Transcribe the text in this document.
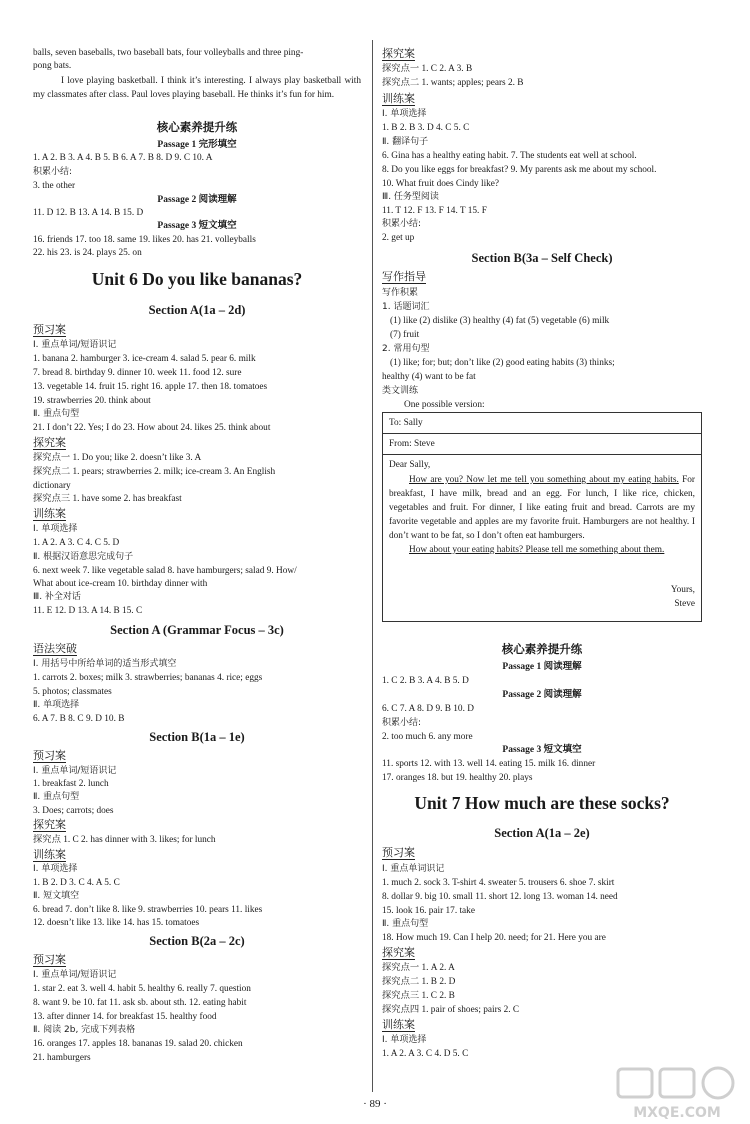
balls, seven baseballs, two baseball bats, four volleyballs and three ping-
pong bats.
I love playing basketball. I think it’s interesting. I always play basketball with my classmates after class. Paul loves playing baseball. He thinks it’s fun for him.
核心素养提升练
Passage 1 完形填空
1. A 2. B 3. A 4. B 5. B 6. A 7. B 8. D 9. C 10. A
积累小结:
3. the other
Passage 2 阅读理解
11. D 12. B 13. A 14. B 15. D
Passage 3 短文填空
16. friends 17. too 18. same 19. likes 20. has 21. volleyballs
22. his 23. is 24. plays 25. on
Unit 6 Do you like bananas?
Section A(1a – 2d)
预习案
Ⅰ. 重点单词/短语识记
1. banana 2. hamburger 3. ice-cream 4. salad 5. pear 6. milk
7. bread 8. birthday 9. dinner 10. week 11. food 12. sure
13. vegetable 14. fruit 15. right 16. apple 17. then 18. tomatoes
19. strawberries 20. think about
Ⅱ. 重点句型
21. I don’t 22. Yes; I do 23. How about 24. likes 25. think about
探究案
探究点一 1. Do you; like 2. doesn’t like 3. A
探究点二 1. pears; strawberries 2. milk; ice-cream 3. An English
dictionary
探究点三 1. have some 2. has breakfast
训练案
Ⅰ. 单项选择
1. A 2. A 3. C 4. C 5. D
Ⅱ. 根据汉语意思完成句子
6. next week 7. like vegetable salad 8. have hamburgers; salad 9. How/
What about ice-cream 10. birthday dinner with
Ⅲ. 补全对话
11. E 12. D 13. A 14. B 15. C
Section A (Grammar Focus – 3c)
语法突破
Ⅰ. 用括号中所给单词的适当形式填空
1. carrots 2. boxes; milk 3. strawberries; bananas 4. rice; eggs
5. photos; classmates
Ⅱ. 单项选择
6. A 7. B 8. C 9. D 10. B
Section B(1a – 1e)
预习案
Ⅰ. 重点单词/短语识记
1. breakfast 2. lunch
Ⅱ. 重点句型
3. Does; carrots; does
探究案
探究点 1. C 2. has dinner with 3. likes; for lunch
训练案
Ⅰ. 单项选择
1. B 2. D 3. C 4. A 5. C
Ⅱ. 短文填空
6. bread 7. don’t like 8. like 9. strawberries 10. pears 11. likes
12. doesn’t like 13. like 14. has 15. tomatoes
Section B(2a – 2c)
预习案
Ⅰ. 重点单词/短语识记
1. star 2. eat 3. well 4. habit 5. healthy 6. really 7. question
8. want 9. be 10. fat 11. ask sb. about sth. 12. eating habit
13. after dinner 14. for breakfast 15. healthy food
Ⅱ. 阅读 2b, 完成下列表格
16. oranges 17. apples 18. bananas 19. salad 20. chicken
21. hamburgers
探究案
探究点一 1. C 2. A 3. B
探究点二 1. wants; apples; pears 2. B
训练案
Ⅰ. 单项选择
1. B 2. B 3. D 4. C 5. C
Ⅱ. 翻译句子
6. Gina has a healthy eating habit. 7. The students eat well at school.
8. Do you like eggs for breakfast? 9. My parents ask me about my school.
10. What fruit does Cindy like?
Ⅲ. 任务型阅读
11. T 12. F 13. F 14. T 15. F
积累小结:
2. get up
Section B(3a – Self Check)
写作指导
写作积累
1. 话题词汇
(1) like (2) dislike (3) healthy (4) fat (5) vegetable (6) milk
(7) fruit
2. 常用句型
(1) like; for; but; don’t like (2) good eating habits (3) thinks;
healthy (4) want to be fat
类文训练
One possible version:
To: Sally
From: Steve
Dear Sally,

How are you? Now let me tell you something about my eating habits. For breakfast, I have milk, bread and an egg. For lunch, I like rice, chicken, vegetables and fruit. For dinner, I like eating fruit and bread. Carrots are my favorite vegetable and apples are my favorite fruit. Hamburgers are not healthy. I don’t want to be fat, so I don’t often eat hamburgers.

How about your eating habits? Please tell me something about them.

Yours,
Steve
核心素养提升练
Passage 1 阅读理解
1. C 2. B 3. A 4. B 5. D
Passage 2 阅读理解
6. C 7. A 8. D 9. B 10. D
积累小结:
2. too much 6. any more
Passage 3 短文填空
11. sports 12. with 13. well 14. eating 15. milk 16. dinner
17. oranges 18. but 19. healthy 20. plays
Unit 7 How much are these socks?
Section A(1a – 2e)
预习案
Ⅰ. 重点单词识记
1. much 2. sock 3. T-shirt 4. sweater 5. trousers 6. shoe 7. skirt
8. dollar 9. big 10. small 11. short 12. long 13. woman 14. need
15. look 16. pair 17. take
Ⅱ. 重点句型
18. How much 19. Can I help 20. need; for 21. Here you are
探究案
探究点一 1. A 2. A
探究点二 1. B 2. D
探究点三 1. C 2. B
探究点四 1. pair of shoes; pairs 2. C
训练案
Ⅰ. 单项选择
1. A 2. A 3. C 4. D 5. C
· 89 ·
MXQE.COM
